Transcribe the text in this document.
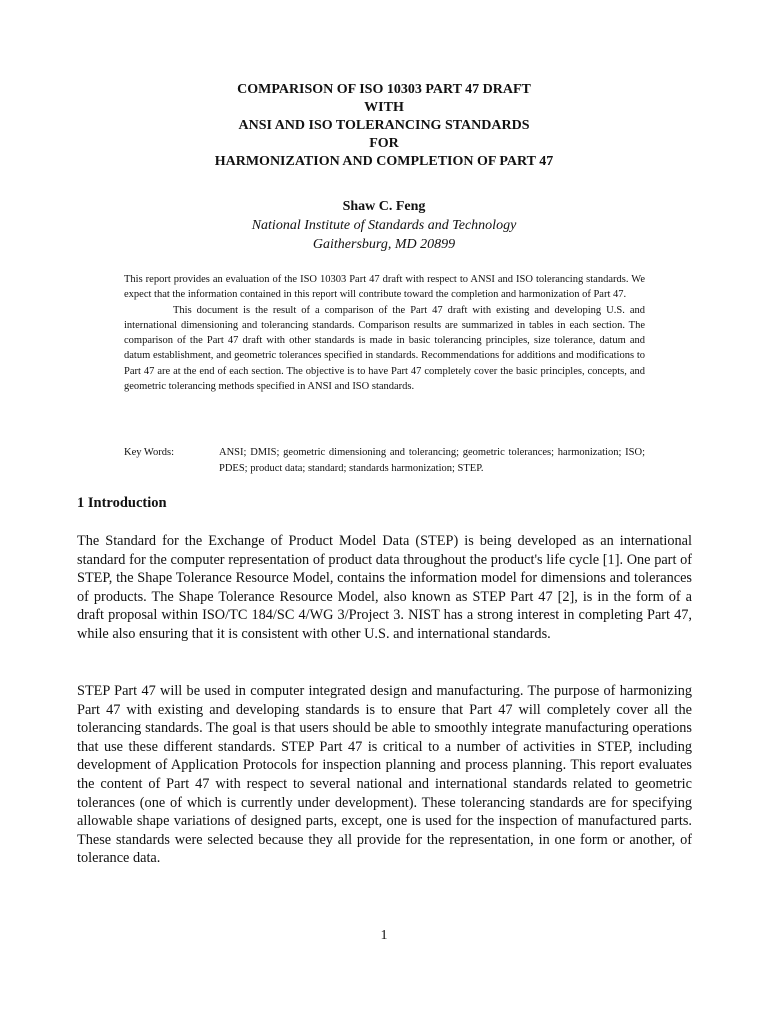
COMPARISON OF ISO 10303 PART 47 DRAFT
WITH
ANSI AND ISO TOLERANCING STANDARDS
FOR
HARMONIZATION AND COMPLETION OF PART 47
Shaw C. Feng
National Institute of Standards and Technology
Gaithersburg, MD 20899

This report provides an evaluation of the ISO 10303 Part 47 draft with respect to ANSI and ISO tolerancing standards. We expect that the information contained in this report will contribute toward the completion and harmonization of Part 47.

This document is the result of a comparison of the Part 47 draft with existing and developing U.S. and international dimensioning and tolerancing standards. Comparison results are summarized in tables in each section. The comparison of the Part 47 draft with other standards is made in basic tolerancing principles, size tolerance, datum and datum establishment, and geometric tolerances specified in standards. Recommendations for additions and modifications to Part 47 are at the end of each section. The objective is to have Part 47 completely cover the basic principles, concepts, and geometric tolerancing methods specified in ANSI and ISO standards.

Key Words:	ANSI; DMIS; geometric dimensioning and tolerancing; geometric tolerances; harmonization; ISO; PDES; product data; standard; standards harmonization; STEP.
1 Introduction

The Standard for the Exchange of Product Model Data (STEP) is being developed as an international standard for the computer representation of product data throughout the product's life cycle [1]. One part of STEP, the Shape Tolerance Resource Model, contains the information model for dimensions and tolerances of products. The Shape Tolerance Resource Model, also known as STEP Part 47 [2], is in the form of a draft proposal within ISO/TC 184/SC 4/WG 3/Project 3. NIST has a strong interest in completing Part 47, while also ensuring that it is consistent with other U.S. and international standards.

STEP Part 47 will be used in computer integrated design and manufacturing. The purpose of harmonizing Part 47 with existing and developing standards is to ensure that Part 47 will completely cover all the tolerancing standards. The goal is that users should be able to smoothly integrate manufacturing operations that use these different standards. STEP Part 47 is critical to a number of activities in STEP, including development of Application Protocols for inspection planning and process planning. This report evaluates the content of Part 47 with respect to several national and international standards related to geometric tolerances (one of which is currently under development). These tolerancing standards are for specifying allowable shape variations of designed parts, except, one is used for the inspection of manufactured parts. These standards were selected because they all provide for the representation, in one form or another, of tolerance data.

1
